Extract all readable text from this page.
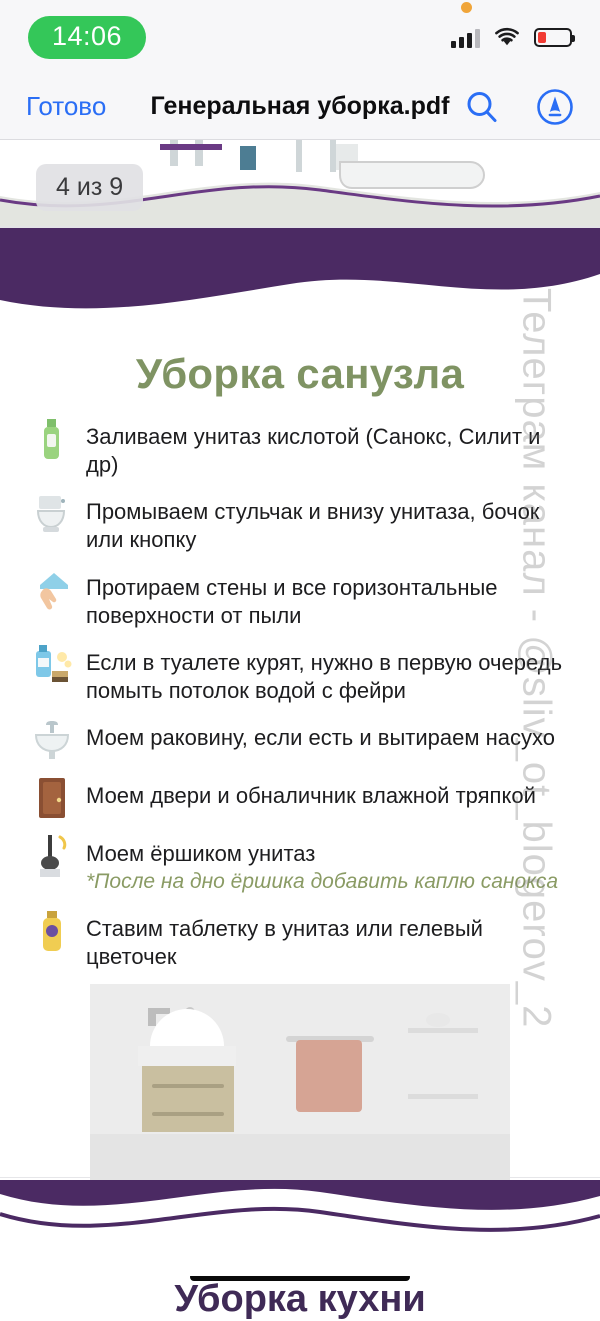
14:06
Готово	Генеральная уборка.pdf
4 из 9
Уборка санузла
Заливаем унитаз кислотой (Санокс, Силит и др)
Промываем стульчак и внизу унитаза, бочок или кнопку
Протираем стены и все горизонтальные поверхности от пыли
Если в туалете курят, нужно в первую очередь помыть потолок водой с фейри
Моем раковину, если есть и вытираем насухо
Моем двери и обналичник влажной тряпкой
Моем ёршиком унитаз
*После на дно ёршика добавить каплю санокса
Ставим таблетку в унитаз или гелевый цветочек
Уборка кухни
Телеграм канал - @sliv_ot_blogerov_2
